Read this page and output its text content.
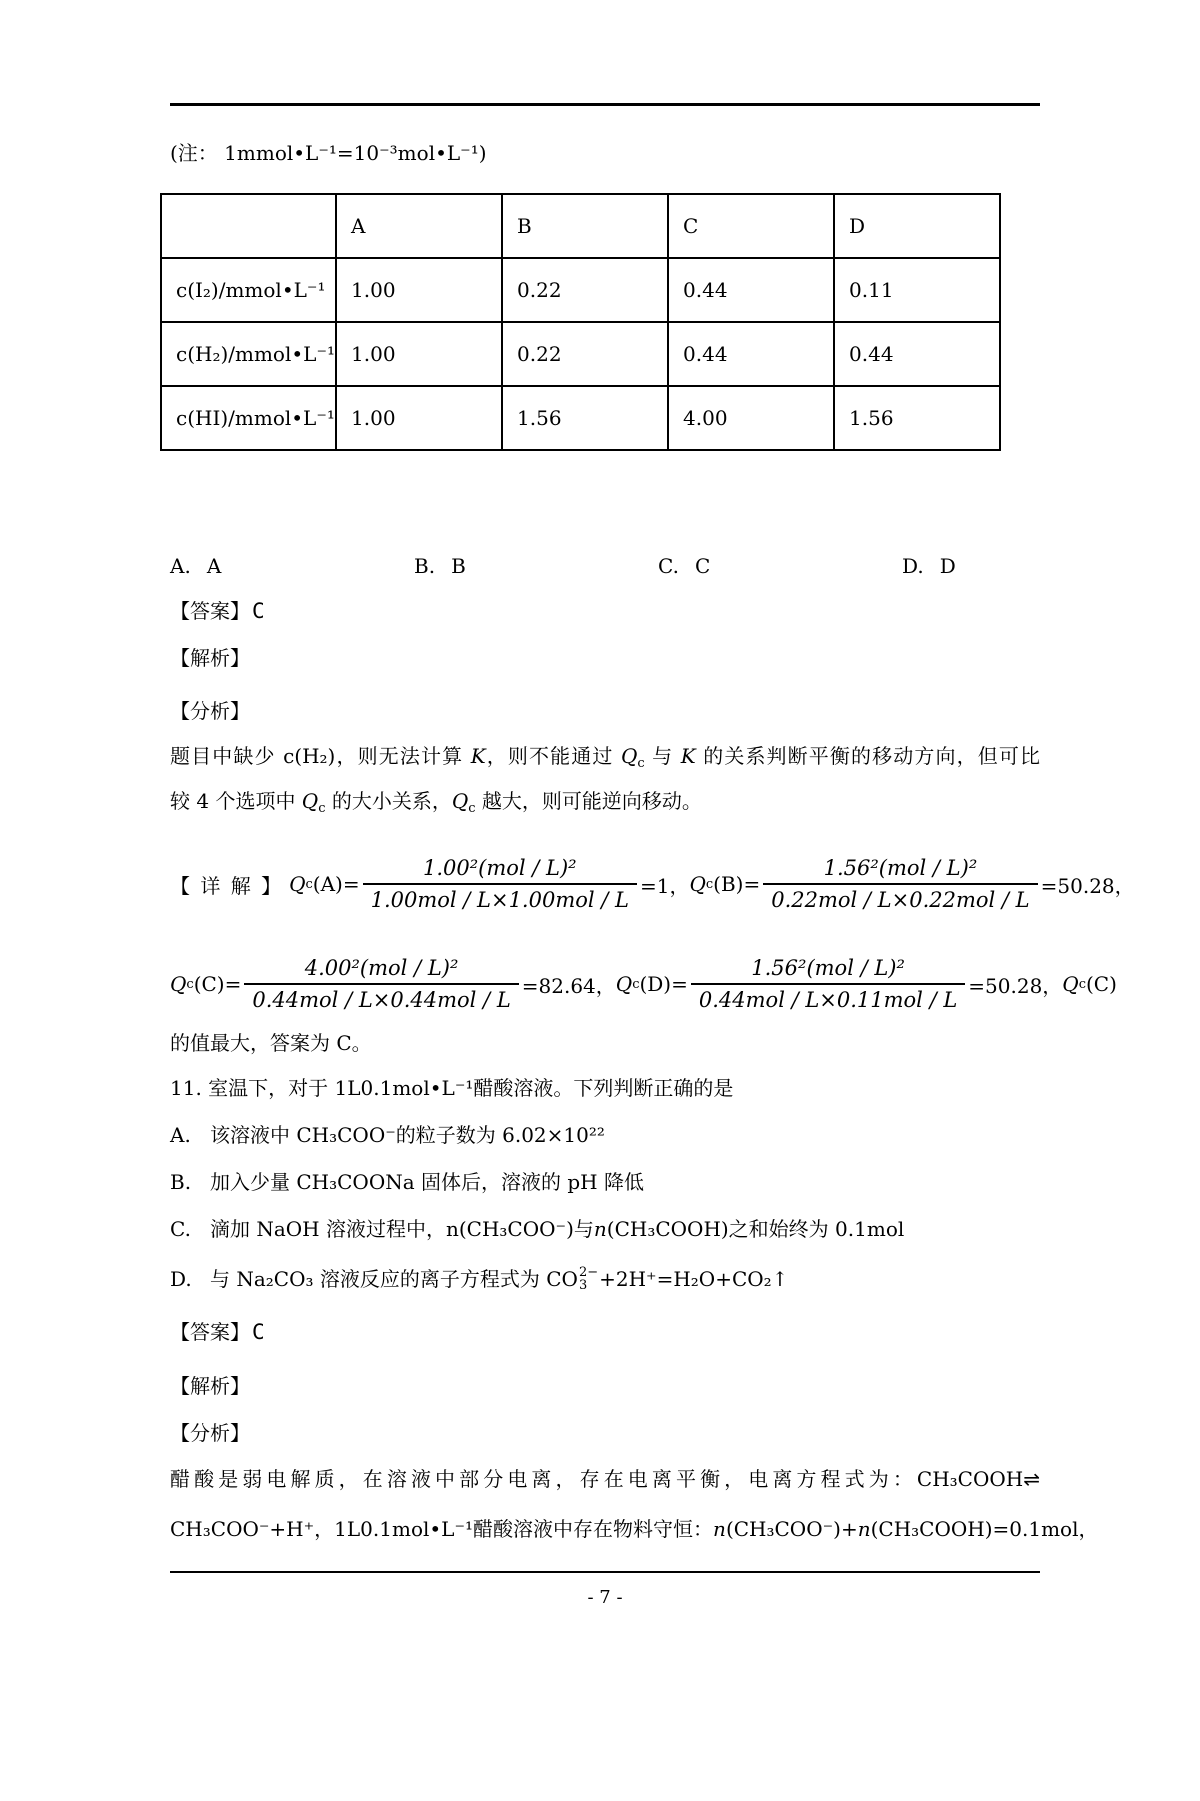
(注： 1mmol•L⁻¹=10⁻³mol•L⁻¹)
	A	B	C	D
c(I₂)/mmol•L⁻¹	1.00	0.22	0.44	0.11
c(H₂)/mmol•L⁻¹	1.00	0.22	0.44	0.44
c(HI)/mmol•L⁻¹	1.00	1.56	4.00	1.56
A. A	B. B	C. C	D. D
【答案】 C
【解析】
【分析】
题目中缺少 c(H₂)，则无法计算 K，则不能通过 $Q_c$ 与 K 的关系判断平衡的移动方向，但可比
较 4 个选项中 $Q_c$ 的大小关系，$Q_c$ 越大，则可能逆向移动。
【 详 解 】 Q c $(A)= \frac{\text{1.00²(mol / L)²}}{\text{1.00mol / L×1.00mol / L}} =1$， Q c $(B)= \frac{\text{1.56²(mol / L)²}}{\text{0.22mol / L×0.22mol / L}} =50.28$，
Q c $(C)= \frac{\text{4.00²(mol / L)²}}{\text{0.44mol / L×0.44mol / L}} =82.64$， Q c $(D)= \frac{\text{1.56²(mol / L)²}}{\text{0.44mol / L×0.11mol / L}} =50.28$， Q c (C)
的值最大，答案为 C。
11. 室温下，对于 1L0.1mol•L⁻¹醋酸溶液。下列判断正确的是
A. 该溶液中 CH₃COO⁻的粒子数为 6.02×10²²
B. 加入少量 CH₃COONa 固体后，溶液的 pH 降低
C. 滴加 NaOH 溶液过程中，n(CH₃COO⁻)与 n (CH₃COOH)之和始终为 0.1mol
D. 与 Na₂CO₃ 溶液反应的离子方程式为 CO 2−
3 +2H⁺=H₂O+CO₂↑
【答案】 C
【解析】
【分析】
醋酸是弱电解质，在溶液中部分电离，存在电离平衡，电离方程式为：CH₃COOH⇌
CH₃COO⁻+H⁺，1L0.1mol•L⁻¹醋酸溶液中存在物料守恒：n(CH₃COO⁻)+n(CH₃COOH)=0.1mol，
- 7 -
